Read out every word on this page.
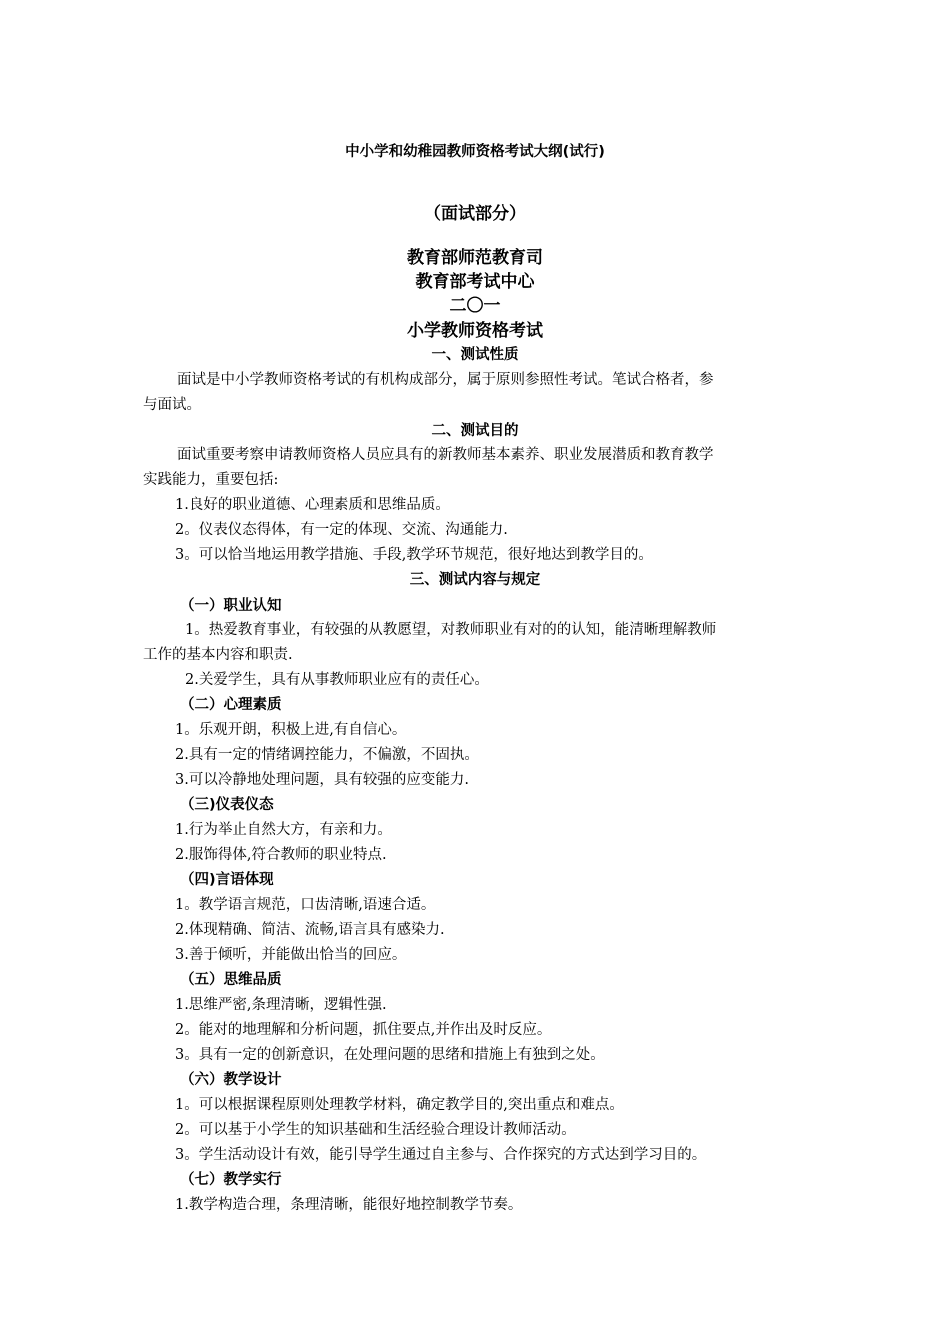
中小学和幼稚园教师资格考试大纲(试行)
（面试部分）
教育部师范教育司
教育部考试中心
二〇一
小学教师资格考试
一、测试性质
面试是中小学教师资格考试的有机构成部分，属于原则参照性考试。笔试合格者，参
与面试。
二、测试目的
面试重要考察申请教师资格人员应具有的新教师基本素养、职业发展潜质和教育教学
实践能力，重要包括:
1.良好的职业道德、心理素质和思维品质。
2。仪表仪态得体，有一定的体现、交流、沟通能力.
3。可以恰当地运用教学措施、手段,教学环节规范，很好地达到教学目的。
三、测试内容与规定
（一）职业认知
1。热爱教育事业，有较强的从教愿望，对教师职业有对的的认知，能清晰理解教师
工作的基本内容和职责.
2.关爱学生，具有从事教师职业应有的责任心。
（二）心理素质
1。乐观开朗，积极上进,有自信心。
2.具有一定的情绪调控能力，不偏激，不固执。
3.可以冷静地处理问题，具有较强的应变能力.
（三)仪表仪态
1.行为举止自然大方，有亲和力。
2.服饰得体,符合教师的职业特点.
（四)言语体现
1。教学语言规范，口齿清晰,语速合适。
2.体现精确、简洁、流畅,语言具有感染力.
3.善于倾听，并能做出恰当的回应。
（五）思维品质
1.思维严密,条理清晰，逻辑性强.
2。能对的地理解和分析问题，抓住要点,并作出及时反应。
3。具有一定的创新意识，在处理问题的思绪和措施上有独到之处。
（六）教学设计
1。可以根据课程原则处理教学材料，确定教学目的,突出重点和难点。
2。可以基于小学生的知识基础和生活经验合理设计教师活动。
3。学生活动设计有效，能引导学生通过自主参与、合作探究的方式达到学习目的。
（七）教学实行
1.教学构造合理，条理清晰，能很好地控制教学节奏。
